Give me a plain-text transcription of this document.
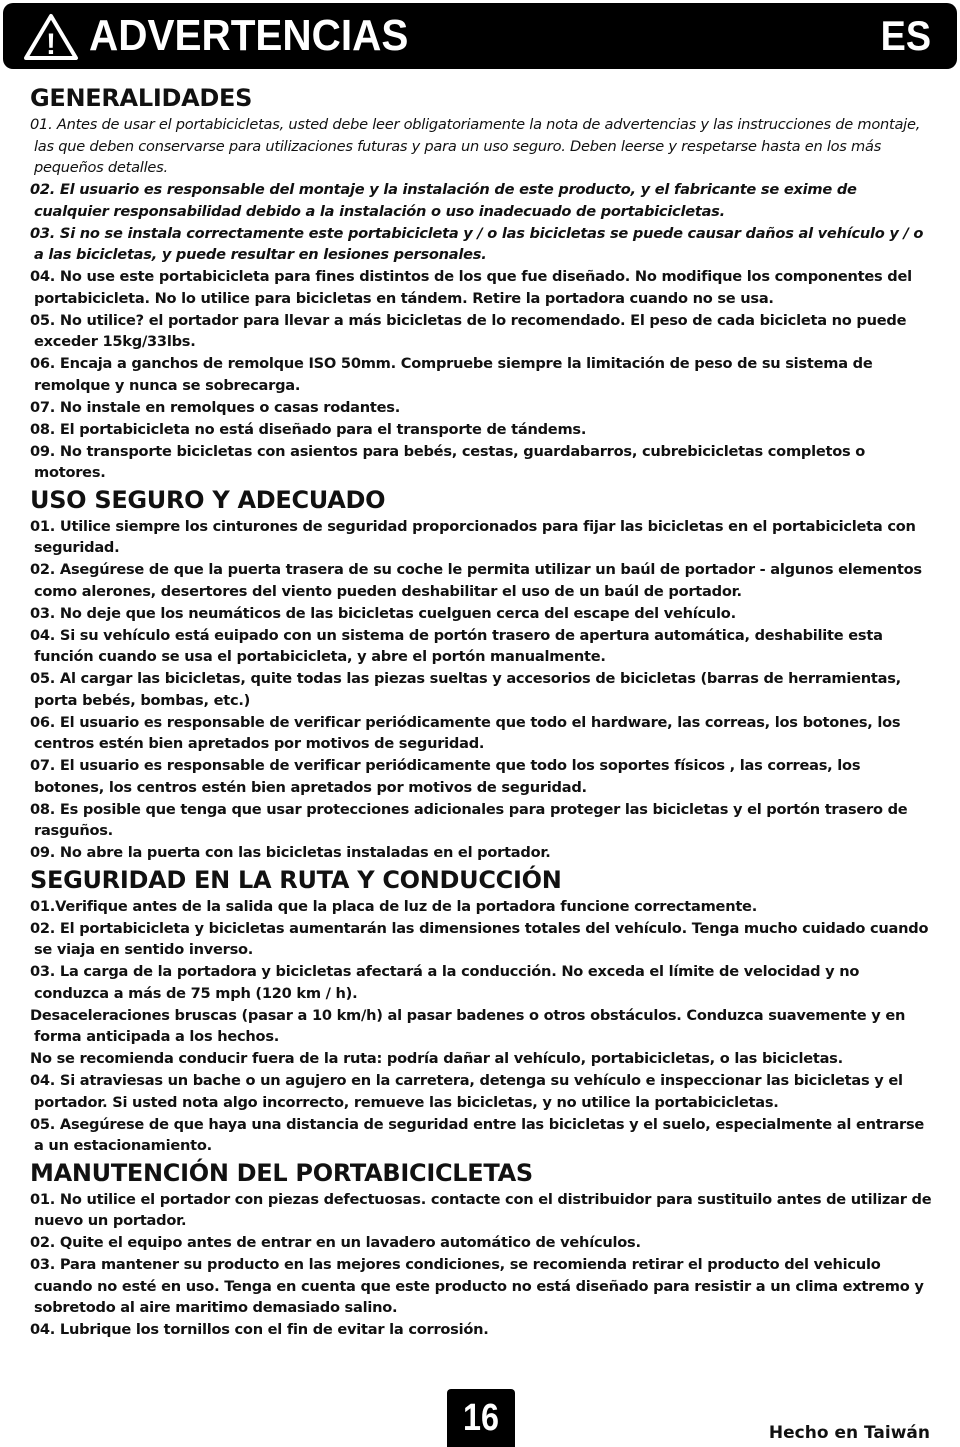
! ADVERTENCIAS	ES
GENERALIDADES
01. Antes de usar el portabicicletas, usted debe leer obligatoriamente la nota de advertencias y las instrucciones de montaje, las que deben conservarse para utilizaciones futuras y para un uso seguro. Deben leerse y respetarse hasta en los más pequeños detalles.
02. El usuario es responsable del montaje y la instalación de este producto, y el fabricante se exime de cualquier responsabilidad debido a la instalación o uso inadecuado de portabicicletas.
03. Si no se instala correctamente este portabicicleta y / o las bicicletas se puede causar daños al vehículo y / o a las bicicletas, y puede resultar en lesiones personales.
04. No use este portabicicleta para fines distintos de los que fue diseñado. No modifique los componentes del portabicicleta. No lo utilice para bicicletas en tándem. Retire la portadora cuando no se usa.
05. No utilice? el portador para llevar a más bicicletas de lo recomendado. El peso de cada bicicleta no puede exceder 15kg/33lbs.
06. Encaja a ganchos de remolque ISO 50mm. Compruebe siempre la limitación de peso de su sistema de remolque y nunca se sobrecarga.
07. No instale en remolques o casas rodantes.
08. El portabicicleta no está diseñado para el transporte de tándems.
09. No transporte bicicletas con asientos para bebés, cestas, guardabarros, cubrebicicletas completos o motores.
USO SEGURO Y ADECUADO
01. Utilice siempre los cinturones de seguridad proporcionados para fijar las bicicletas en el portabicicleta con seguridad.
02. Asegúrese de que la puerta trasera de su coche le permita utilizar un baúl de portador - algunos elementos como alerones, desertores del viento pueden deshabilitar el uso de un baúl de portador.
03. No deje que los neumáticos de las bicicletas cuelguen cerca del escape del vehículo.
04. Si su vehículo está euipado con un sistema de portón trasero de apertura automática, deshabilite esta función cuando se usa el portabicicleta, y abre el portón manualmente.
05. Al cargar las bicicletas, quite todas las piezas sueltas y accesorios de bicicletas (barras de herramientas, porta bebés, bombas, etc.)
06. El usuario es responsable de verificar periódicamente que todo el hardware, las correas, los botones, los centros estén bien apretados por motivos de seguridad.
07. El usuario es responsable de verificar periódicamente que todo los soportes físicos , las correas, los botones, los centros estén bien apretados por motivos de seguridad.
08. Es posible que tenga que usar protecciones adicionales para proteger las bicicletas y el portón trasero de rasguños.
09. No abre la puerta con las bicicletas instaladas en el portador.
SEGURIDAD EN LA RUTA Y CONDUCCIÓN
01.Verifique antes de la salida que la placa de luz de la portadora funcione correctamente.
02. El portabicicleta y bicicletas aumentarán las dimensiones totales del vehículo. Tenga mucho cuidado cuando se viaja en sentido inverso.
03. La carga de la portadora y bicicletas afectará a la conducción. No exceda el límite de velocidad y no conduzca a más de 75 mph (120 km / h).
Desaceleraciones bruscas (pasar a 10 km/h) al pasar badenes o otros obstáculos. Conduzca suavemente y en forma anticipada a los hechos.
No se recomienda conducir fuera de la ruta: podría dañar al vehículo, portabicicletas, o las bicicletas.
04. Si atraviesas un bache o un agujero en la carretera, detenga su vehículo e inspeccionar las bicicletas y el portador. Si usted nota algo incorrecto, remueve las bicicletas, y no utilice la portabicicletas.
05. Asegúrese de que haya una distancia de seguridad entre las bicicletas y el suelo, especialmente al entrarse a un estacionamiento.
MANUTENCIÓN DEL PORTABICICLETAS
01. No utilice el portador con piezas defectuosas. contacte con el distribuidor para sustituilo antes de utilizar de nuevo un portador.
02. Quite el equipo antes de entrar en un lavadero automático de vehículos.
03. Para mantener su producto en las mejores condiciones, se recomienda retirar el producto del vehiculo cuando no esté en uso. Tenga en cuenta que este producto no está diseñado para resistir a un clima extremo y sobretodo al aire maritimo demasiado salino.
04. Lubrique los tornillos con el fin de evitar la corrosión.
16	Hecho en Taiwán
